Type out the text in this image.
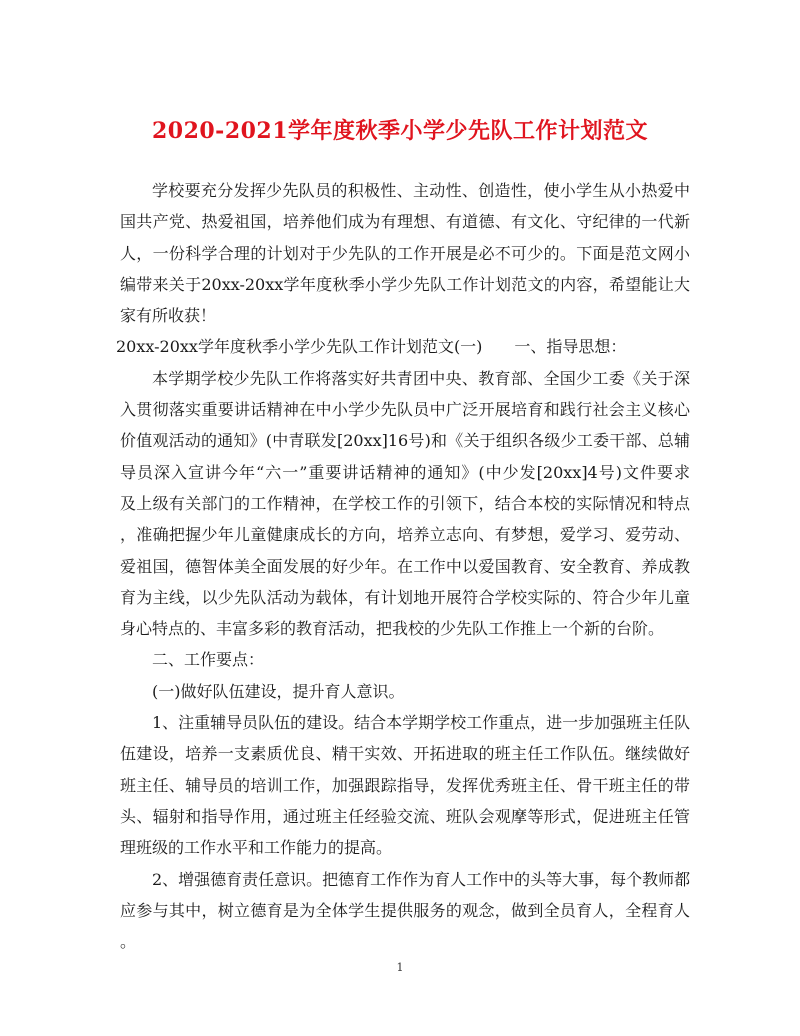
2020-2021学年度秋季小学少先队工作计划范文
学校要充分发挥少先队员的积极性、主动性、创造性，使小学生从小热爱中
国共产党、热爱祖国，培养他们成为有理想、有道德、有文化、守纪律的一代新
人，一份科学合理的计划对于少先队的工作开展是必不可少的。下面是范文网小
编带来关于20xx-20xx学年度秋季小学少先队工作计划范文的内容，希望能让大
家有所收获！
20xx-20xx学年度秋季小学少先队工作计划范文(一)　　一、指导思想：
本学期学校少先队工作将落实好共青团中央、教育部、全国少工委《关于深
入贯彻落实重要讲话精神在中小学少先队员中广泛开展培育和践行社会主义核心
价值观活动的通知》(中青联发[20xx]16号)和《关于组织各级少工委干部、总辅
导员深入宣讲今年“六一”重要讲话精神的通知》(中少发[20xx]4号)文件要求
及上级有关部门的工作精神，在学校工作的引领下，结合本校的实际情况和特点
，准确把握少年儿童健康成长的方向，培养立志向、有梦想，爱学习、爱劳动、
爱祖国，德智体美全面发展的好少年。在工作中以爱国教育、安全教育、养成教
育为主线，以少先队活动为载体，有计划地开展符合学校实际的、符合少年儿童
身心特点的、丰富多彩的教育活动，把我校的少先队工作推上一个新的台阶。
二、工作要点：
(一)做好队伍建设，提升育人意识。
1、注重辅导员队伍的建设。结合本学期学校工作重点，进一步加强班主任队
伍建设，培养一支素质优良、精干实效、开拓进取的班主任工作队伍。继续做好
班主任、辅导员的培训工作，加强跟踪指导，发挥优秀班主任、骨干班主任的带
头、辐射和指导作用，通过班主任经验交流、班队会观摩等形式，促进班主任管
理班级的工作水平和工作能力的提高。
2、增强德育责任意识。把德育工作作为育人工作中的头等大事，每个教师都
应参与其中，树立德育是为全体学生提供服务的观念，做到全员育人，全程育人
。
1
